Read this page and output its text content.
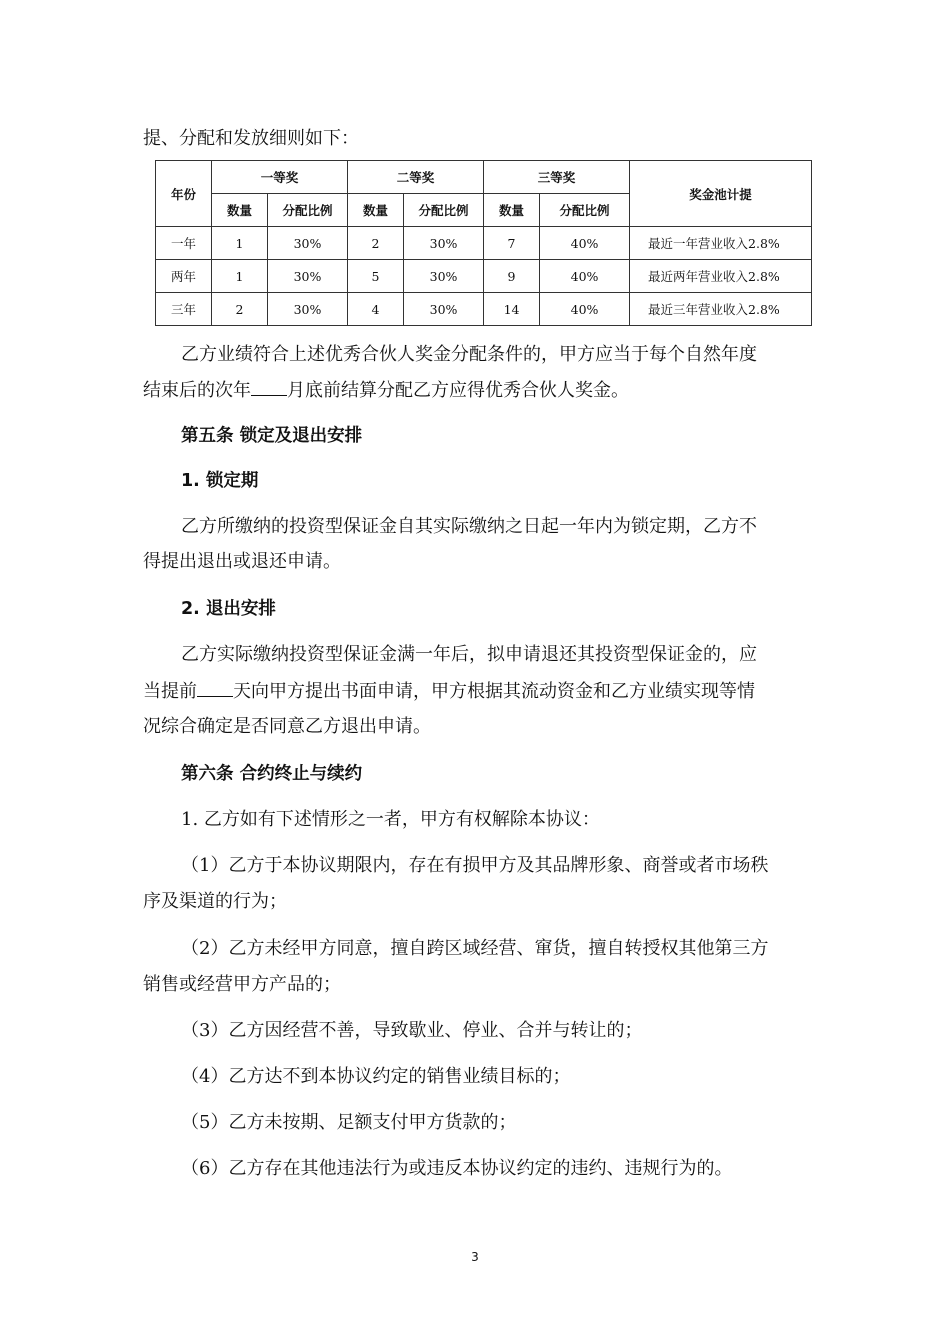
提、分配和发放细则如下：
年份	一等奖		二等奖		三等奖		奖金池计提
	数量	分配比例	数量	分配比例	数量	分配比例	
一年	1	30%	2	30%	7	40%	最近一年营业收入2.8%
两年	1	30%	5	30%	9	40%	最近两年营业收入2.8%
三年	2	30%	4	30%	14	40%	最近三年营业收入2.8%
乙方业绩符合上述优秀合伙人奖金分配条件的，甲方应当于每个自然年度
结束后的次年 月底前结算分配乙方应得优秀合伙人奖金。
第五条 锁定及退出安排
1. 锁定期
乙方所缴纳的投资型保证金自其实际缴纳之日起一年内为锁定期，乙方不
得提出退出或退还申请。
2. 退出安排
乙方实际缴纳投资型保证金满一年后，拟申请退还其投资型保证金的，应
当提前 天向甲方提出书面申请，甲方根据其流动资金和乙方业绩实现等情
况综合确定是否同意乙方退出申请。
第六条 合约终止与续约
1. 乙方如有下述情形之一者，甲方有权解除本协议：
（1）乙方于本协议期限内，存在有损甲方及其品牌形象、商誉或者市场秩
序及渠道的行为；
（2）乙方未经甲方同意，擅自跨区域经营、窜货，擅自转授权其他第三方
销售或经营甲方产品的；
（3）乙方因经营不善，导致歇业、停业、合并与转让的；
（4）乙方达不到本协议约定的销售业绩目标的；
（5）乙方未按期、足额支付甲方货款的；
（6）乙方存在其他违法行为或违反本协议约定的违约、违规行为的。
3
